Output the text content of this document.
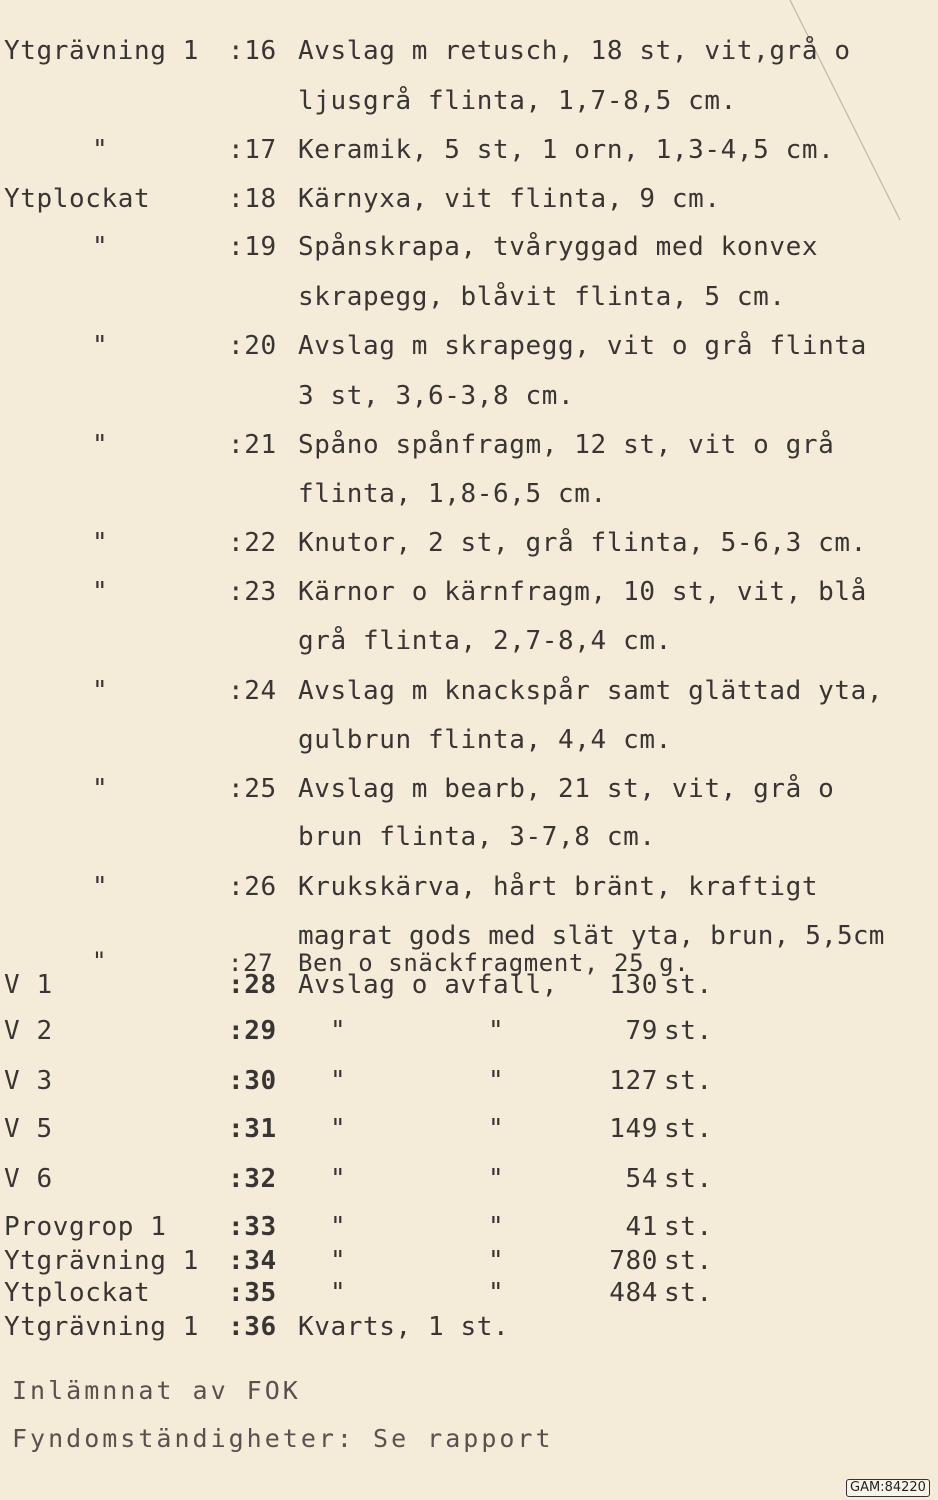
Ytgrävning 1 :16 Avslag m retusch, 18 st, vit,grå o
ljusgrå flinta, 1,7-8,5 cm.
"	:17 Keramik, 5 st, 1 orn, 1,3-4,5 cm.
Ytplockat	:18 Kärnyxa, vit flinta, 9 cm.
"	:19 Spånskrapa, tvåryggad med konvex
skrapegg, blåvit flinta, 5 cm.
"	:20 Avslag m skrapegg, vit o grå flinta
3 st, 3,6-3,8 cm.
"	:21 Spåno spånfragm, 12 st, vit o grå
flinta, 1,8-6,5 cm.
"	:22 Knutor, 2 st, grå flinta, 5-6,3 cm.
"	:23 Kärnor o kärnfragm, 10 st, vit, blå
grå flinta, 2,7-8,4 cm.
"	:24 Avslag m knackspår samt glättad yta,
gulbrun flinta, 4,4 cm.
"	:25 Avslag m bearb, 21 st, vit, grå o
brun flinta, 3-7,8 cm.
"	:26 Krukskärva, hårt bränt, kraftigt
magrat gods med slät yta, brun, 5,5cm
"	:27 Ben o snäckfragment, 25 g.
V 1	:28 Avslag o avfall,	130 st.
V 2	:29 "	"	79 st.
V 3	:30 "	"	127 st.
V 5	:31 "	"	149 st.
V 6	:32 "	"	54 st.
Provgrop 1 :33 "	"	41 st.
Ytgrävning 1 :34 "	"	780 st.
Ytplockat	:35 "	"	484 st.
Ytgrävning 1 :36 Kvarts, 1 st.
Inlämnnat av FOK
Fyndomständigheter: Se rapport
GAM:84220
